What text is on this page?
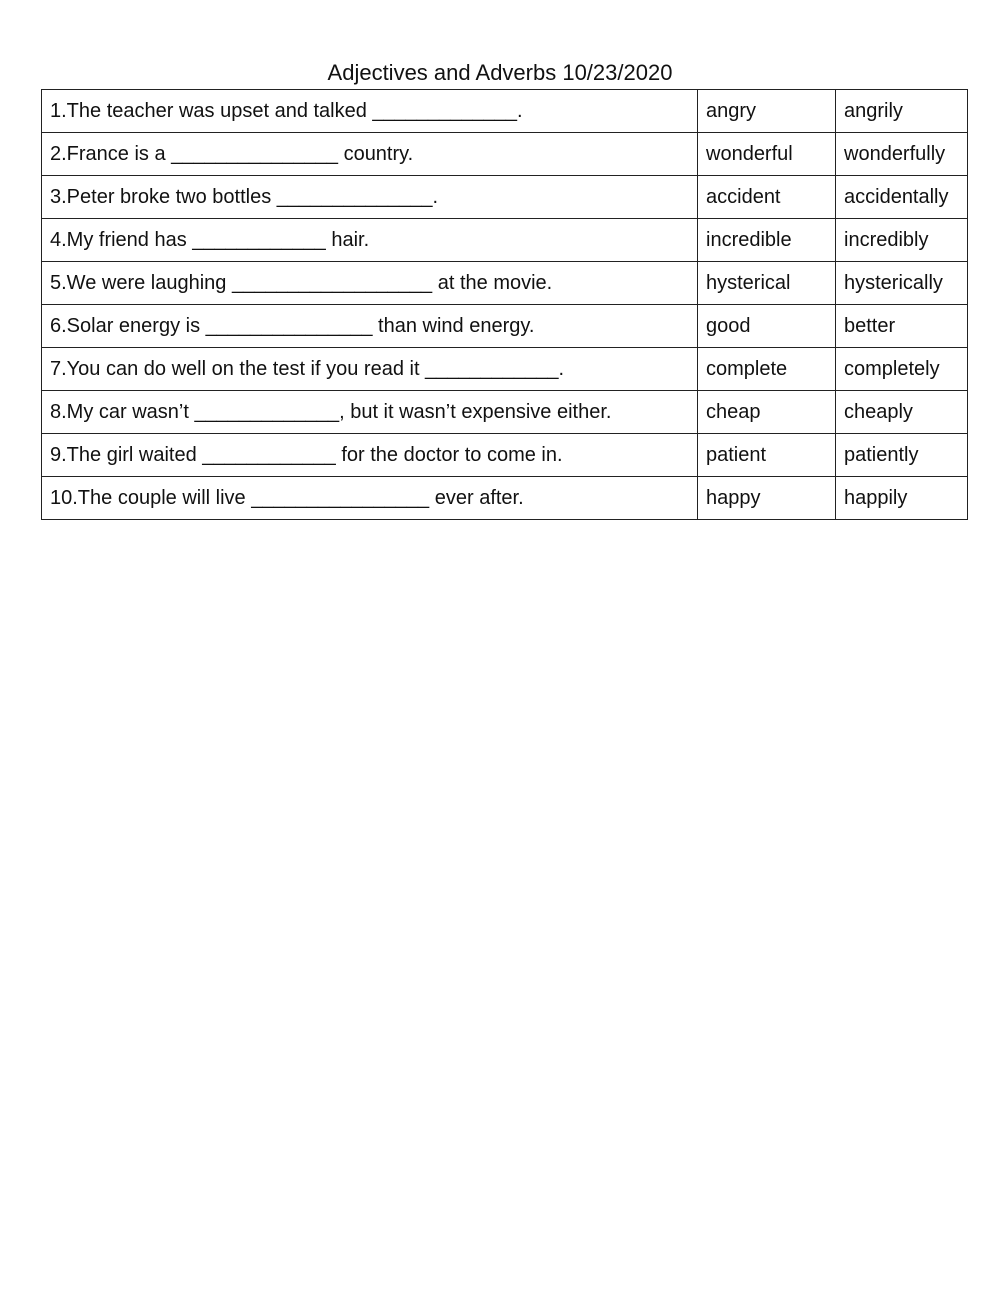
Adjectives and Adverbs 10/23/2020
1.The teacher was upset and talked _____________.	angry	angrily
2.France is a _______________ country.	wonderful	wonderfully
3.Peter broke two bottles ______________.	accident	accidentally
4.My friend has ____________ hair.	incredible	incredibly
5.We were laughing __________________ at the movie.	hysterical	hysterically
6.Solar energy is _______________ than wind energy.	good	better
7.You can do well on the test if you read it ____________.	complete	completely
8.My car wasn’t _____________, but it wasn’t expensive either.	cheap	cheaply
9.The girl waited ____________ for the doctor to come in.	patient	patiently
10.The couple will live ________________ ever after.	happy	happily
